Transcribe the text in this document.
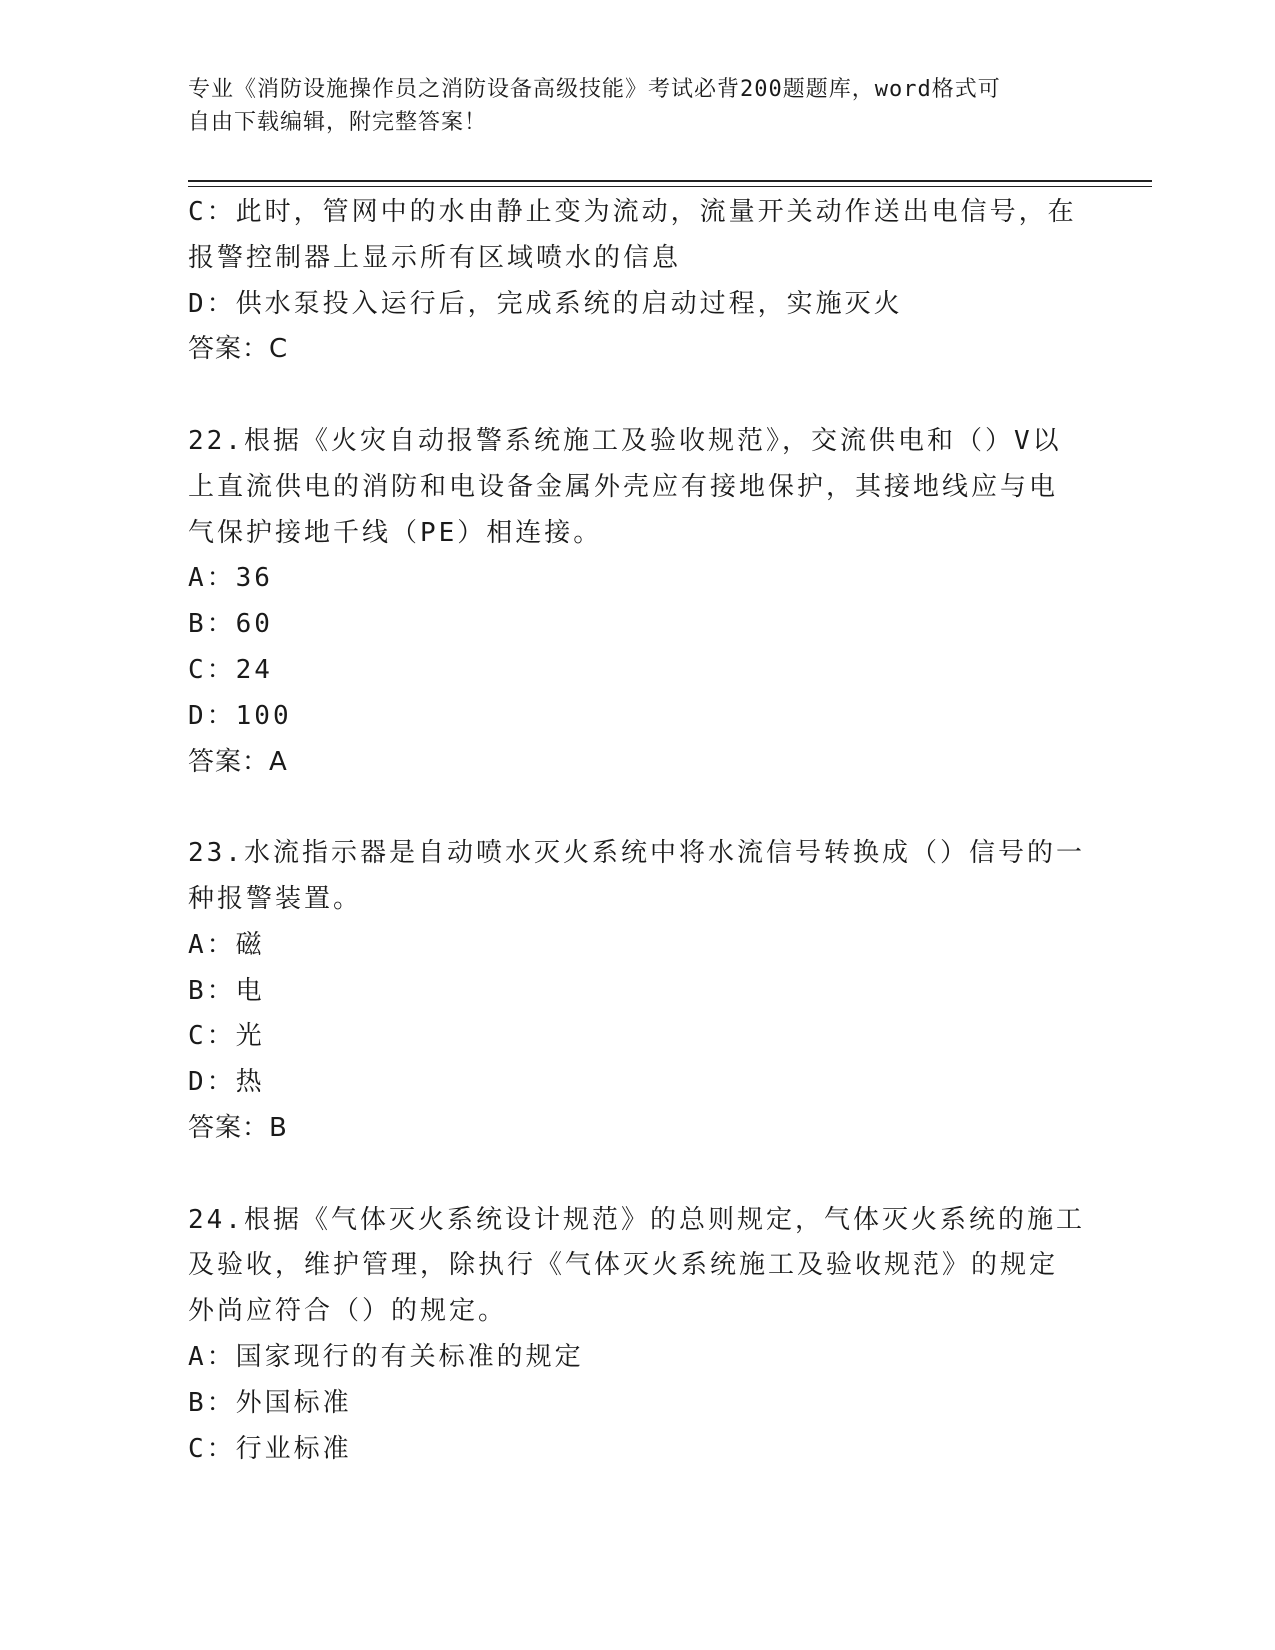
专业《消防设施操作员之消防设备高级技能》考试必背200题题库，word格式可
自由下载编辑，附完整答案！
C：此时，管网中的水由静止变为流动，流量开关动作送出电信号，在
报警控制器上显示所有区域喷水的信息
D：供水泵投入运行后，完成系统的启动过程，实施灭火
答案：C
22.根据《火灾自动报警系统施工及验收规范》，交流供电和（）V以
上直流供电的消防和电设备金属外壳应有接地保护，其接地线应与电
气保护接地千线（PE）相连接。
A：36
B：60
C：24
D：100
答案：A
23.水流指示器是自动喷水灭火系统中将水流信号转换成（）信号的一
种报警装置。
A：磁
B：电
C：光
D：热
答案：B
24.根据《气体灭火系统设计规范》的总则规定，气体灭火系统的施工
及验收，维护管理，除执行《气体灭火系统施工及验收规范》的规定
外尚应符合（）的规定。
A：国家现行的有关标准的规定
B：外国标准
C：行业标准
